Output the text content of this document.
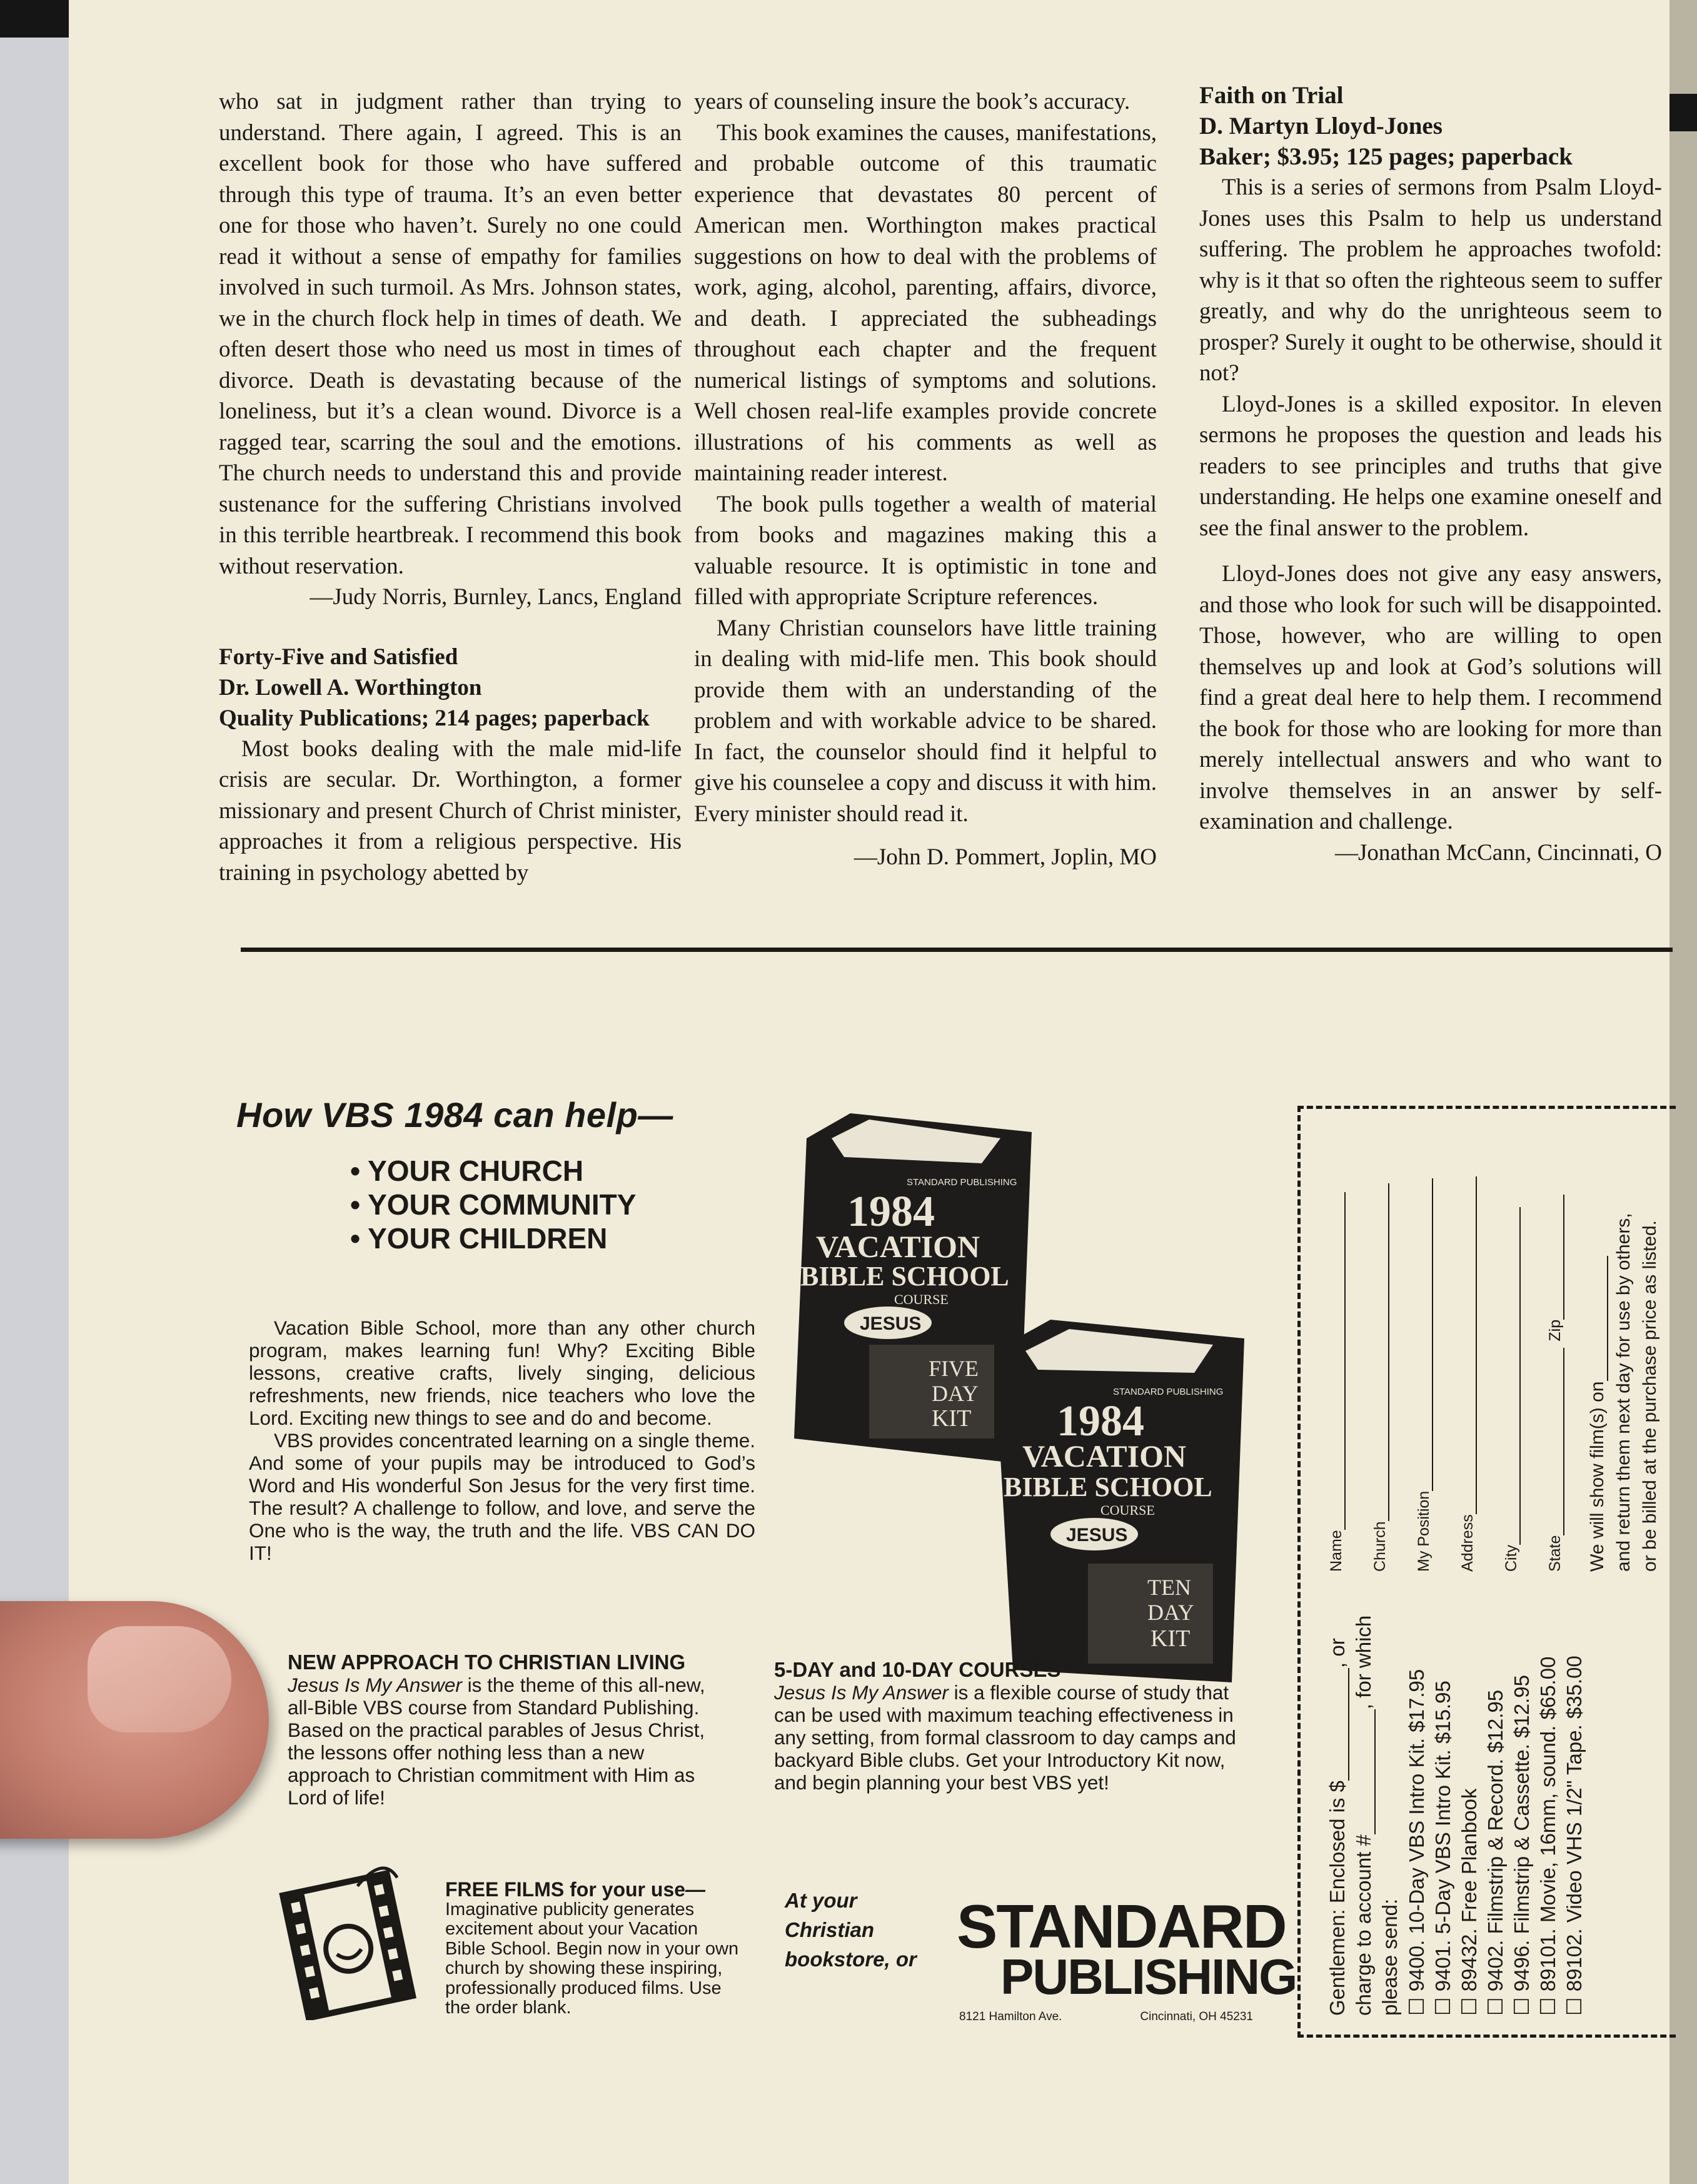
who sat in judgment rather than trying to understand. There again, I agreed. This is an excellent book for those who have suffered through this type of trauma. It’s an even better one for those who haven’t. Surely no one could read it without a sense of empathy for families involved in such turmoil. As Mrs. Johnson states, we in the church flock help in times of death. We often desert those who need us most in times of divorce. Death is devastating because of the loneliness, but it’s a clean wound. Divorce is a ragged tear, scarring the soul and the emotions. The church needs to understand this and provide sustenance for the suffering Christians involved in this terrible heartbreak. I recommend this book without reservation.

—Judy Norris, Burnley, Lancs, England

Forty-Five and Satisfied

Dr. Lowell A. Worthington

Quality Publications; 214 pages; paperback

Most books dealing with the male mid-life crisis are secular. Dr. Worthington, a former missionary and present Church of Christ minister, approaches it from a religious perspective. His training in psychology abetted by

years of counseling insure the book’s accuracy.

This book examines the causes, manifestations, and probable outcome of this traumatic experience that devastates 80 percent of American men. Worthington makes practical suggestions on how to deal with the problems of work, aging, alcohol, parenting, affairs, divorce, and death. I appreciated the subheadings throughout each chapter and the frequent numerical listings of symptoms and solutions. Well chosen real-life examples provide concrete illustrations of his comments as well as maintaining reader interest.

The book pulls together a wealth of material from books and magazines making this a valuable resource. It is optimistic in tone and filled with appropriate Scripture references.

Many Christian counselors have little training in dealing with mid-life men. This book should provide them with an understanding of the problem and with workable advice to be shared. In fact, the counselor should find it helpful to give his counselee a copy and discuss it with him. Every minister should read it.

—John D. Pommert, Joplin, MO

Faith on Trial

D. Martyn Lloyd-Jones

Baker; $3.95; 125 pages; paperback

This is a series of sermons from Psalm Lloyd-Jones uses this Psalm to help us understand suffering. The problem he approaches twofold: why is it that so often the righteous seem to suffer greatly, and why do the unrighteous seem to prosper? Surely it ought to be otherwise, should it not?

Lloyd-Jones is a skilled expositor. In eleven sermons he proposes the question and leads his readers to see principles and truths that give understanding. He helps one examine oneself and see the final answer to the problem.

Lloyd-Jones does not give any easy answers, and those who look for such will be disappointed. Those, however, who are willing to open themselves up and look at God’s solutions will find a great deal here to help them. I recommend the book for those who are looking for more than merely intellectual answers and who want to involve themselves in an answer by self-examination and challenge.

—Jonathan McCann, Cincinnati, O

How VBS 1984 can help—
• YOUR CHURCH
• YOUR COMMUNITY
• YOUR CHILDREN

Vacation Bible School, more than any other church program, makes learning fun! Why? Exciting Bible lessons, creative crafts, lively singing, delicious refreshments, new friends, nice teachers who love the Lord. Exciting new things to see and do and become.

VBS provides concentrated learning on a single theme. And some of your pupils may be introduced to God’s Word and His wonderful Son Jesus for the very first time. The result? A challenge to follow, and love, and serve the One who is the way, the truth and the life. VBS CAN DO IT!

STANDARD PUBLISHING
1984
VACATION
BIBLE SCHOOL
COURSE
JESUS
FIVE
DAY
KIT
STANDARD PUBLISHING
1984
VACATION
BIBLE SCHOOL
COURSE
JESUS
TEN
DAY
KIT
NEW APPROACH TO CHRISTIAN LIVING
Jesus Is My Answer is the theme of this all-new, all-Bible VBS course from Standard Publishing. Based on the practical parables of Jesus Christ, the lessons offer nothing less than a new approach to Christian commitment with Him as Lord of life!
5-DAY and 10-DAY COURSES
Jesus Is My Answer is a flexible course of study that can be used with maximum teaching effectiveness in any setting, from formal classroom to day camps and backyard Bible clubs. Get your Introductory Kit now, and begin planning your best VBS yet!
FREE FILMS for your use—
Imaginative publicity generates excitement about your Vacation Bible School. Begin now in your own church by showing these inspiring, professionally produced films. Use the order blank.
At your Christian bookstore, or STANDARD
PUBLISHING
8121 Hamilton Ave.	Cincinnati, OH 45231
Gentlemen: Enclosed is $, or
charge to account #, for which
please send: ☐ 9400. 10-Day VBS Intro Kit. $17.95 ☐ 9401. 5-Day VBS Intro Kit. $15.95 ☐ 89432. Free Planbook ☐ 9402. Filmstrip & Record. $12.95 ☐ 9496. Filmstrip & Cassette. $12.95 ☐ 89101. Movie, 16mm, sound. $65.00 ☐ 89102. Video VHS 1/2" Tape. $35.00
Name Church My Position Address City StateZip
We will show film(s) on and return them next day for use by others, or be billed at the purchase price as listed.
